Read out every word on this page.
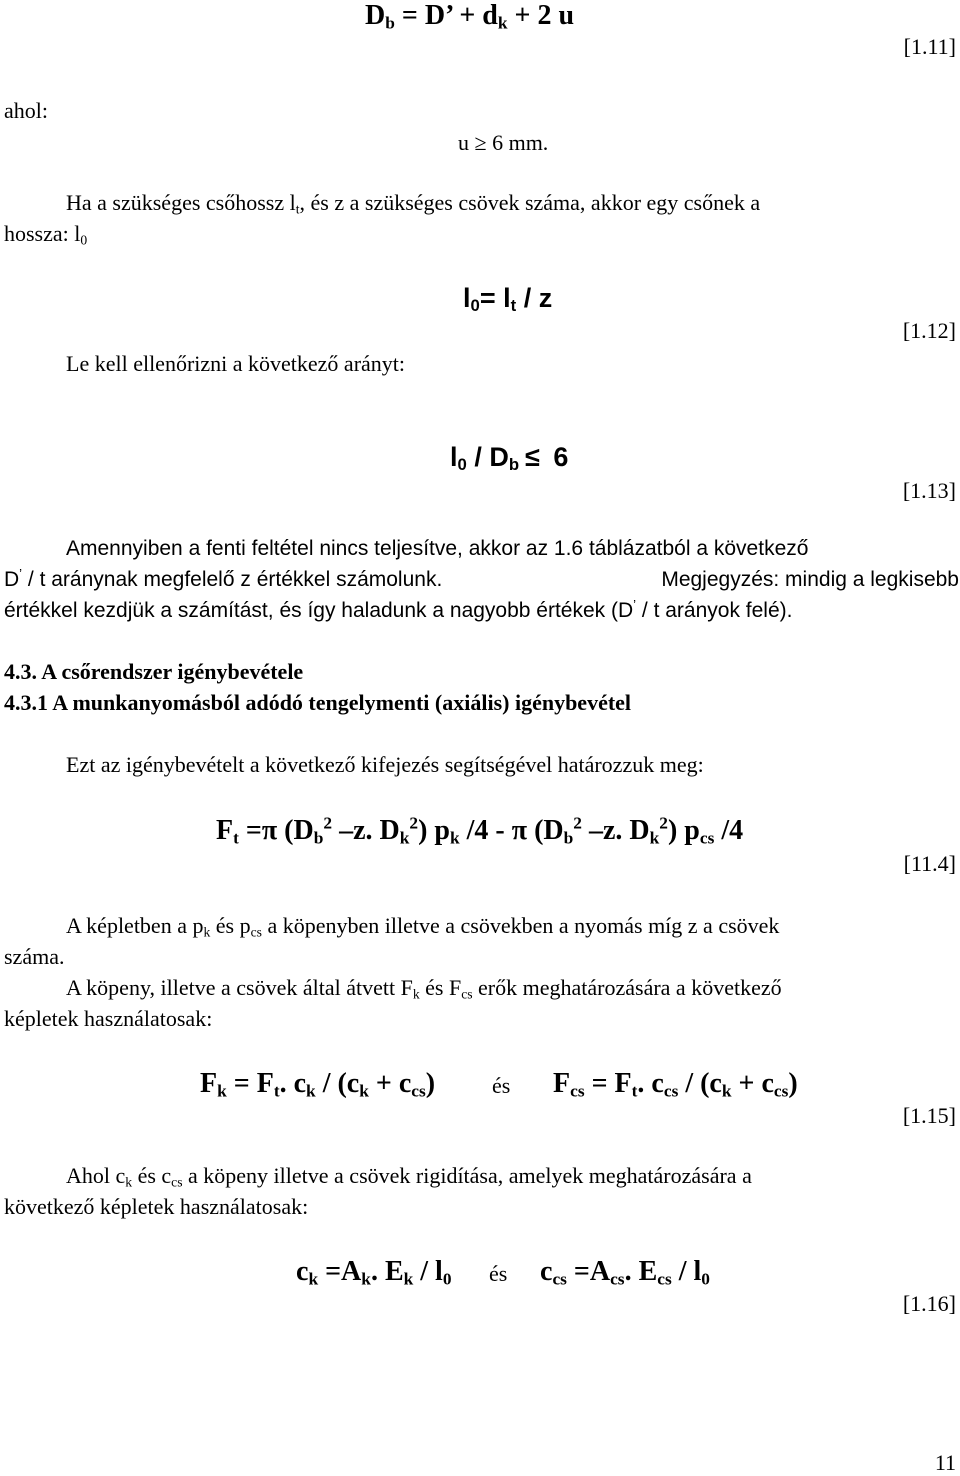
$D_b = D$’ + $d_k + 2$ u
[1.11]
ahol:
u ≥ 6 mm.
Ha a szükséges csőhossz $l_t$, és z a szükséges csövek száma, akkor egy csőnek a
hossza: $l_0$
$l_0= l_t / z$
[1.12]
Le kell ellenőrizni a következő arányt:
$l_0 / D_b \le 6$
[1.13]
Amennyiben a fenti feltétel nincs teljesítve, akkor az 1.6 táblázatból a következő
D’ / t aránynak megfelelő z értékkel számolunk.	Megjegyzés: mindig a legkisebb
értékkel kezdjük a számítást, és így haladunk a nagyobb értékek (D’ / t arányok felé).
4.3. A csőrendszer igénybevétele
4.3.1 A munkanyomásból adódó tengelymenti (axiális) igénybevétel
Ezt az igénybevételt a következő kifejezés segítségével határozzuk meg:
$F_t =\pi$ ($D_b^2$ –z. $D_k^2$) $p_k$ /4 - π ($D_b^2$ –z. $D_k^2$) $p_{cs}$ /4
[11.4]
A képletben a $p_k$ és $p_{cs}$ a köpenyben illetve a csövekben a nyomás míg z a csövek
száma.
A köpeny, illetve a csövek által átvett $F_k$ és $F_{cs}$ erők meghatározására a következő
képletek használatosak:
$F_k = F_t$. $c_k / (c_k + c_{cs})$	és $F_{cs} = F_t$. $c_{cs} / (c_k + c_{cs})$
[1.15]
Ahol $c_k$ és $c_{cs}$ a köpeny illetve a csövek rigidítása, amelyek meghatározására a
következő képletek használatosak:
$c_k =A_k$. $E_k / l_0$ és $c_{cs} =A_{cs}$. $E_{cs} / l_0$
[1.16]
11
